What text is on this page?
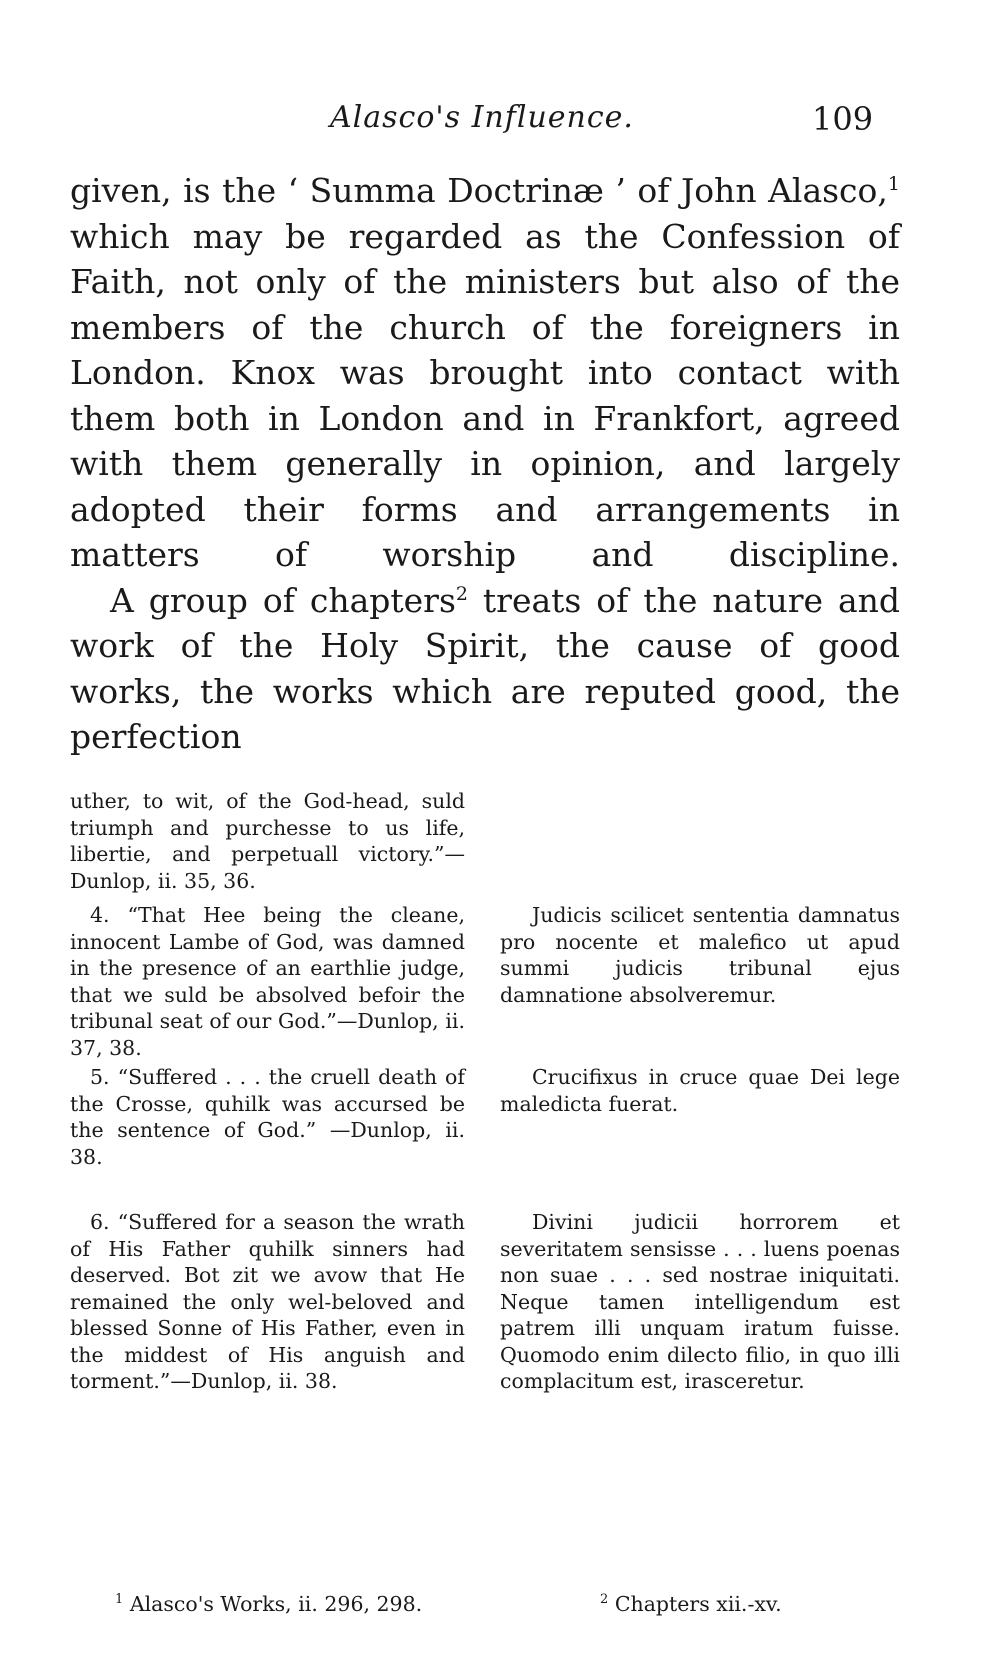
Alasco's Influence.	109

given, is the ‘ Summa Doctrinæ ’ of John Alasco,$^1$ which may be regarded as the Confession of Faith, not only of the ministers but also of the members of the church of the foreigners in London. Knox was brought into contact with them both in London and in Frankfort, agreed with them generally in opinion, and largely adopted their forms and arrangements in matters of worship and discipline.

A group of chapters$^2$ treats of the nature and work of the Holy Spirit, the cause of good works, the works which are reputed good, the perfection

uther, to wit, of the God-head, suld triumph and purchesse to us life, libertie, and perpetuall victory.”—Dunlop, ii. 35, 36.

4. “That Hee being the cleane, innocent Lambe of God, was damned in the presence of an earthlie judge, that we suld be absolved befoir the tribunal seat of our God.”—Dunlop, ii. 37, 38.

Judicis scilicet sententia damnatus pro nocente et malefico ut apud summi judicis tribunal ejus damnatione absolveremur.

5. “Suffered . . . the cruell death of the Crosse, quhilk was accursed be the sentence of God.” —Dunlop, ii. 38.

Crucifixus in cruce quae Dei lege maledicta fuerat.

6. “Suffered for a season the wrath of His Father quhilk sinners had deserved. Bot zit we avow that He remained the only wel-beloved and blessed Sonne of His Father, even in the middest of His anguish and torment.”—Dunlop, ii. 38.

Divini judicii horrorem et severitatem sensisse . . . luens poenas non suae . . . sed nostrae iniquitati. Neque tamen intelligendum est patrem illi unquam iratum fuisse. Quomodo enim dilecto filio, in quo illi complacitum est, irasceretur.

$^1$ Alasco's Works, ii. 296, 298.	$^2$ Chapters xii.-xv.
